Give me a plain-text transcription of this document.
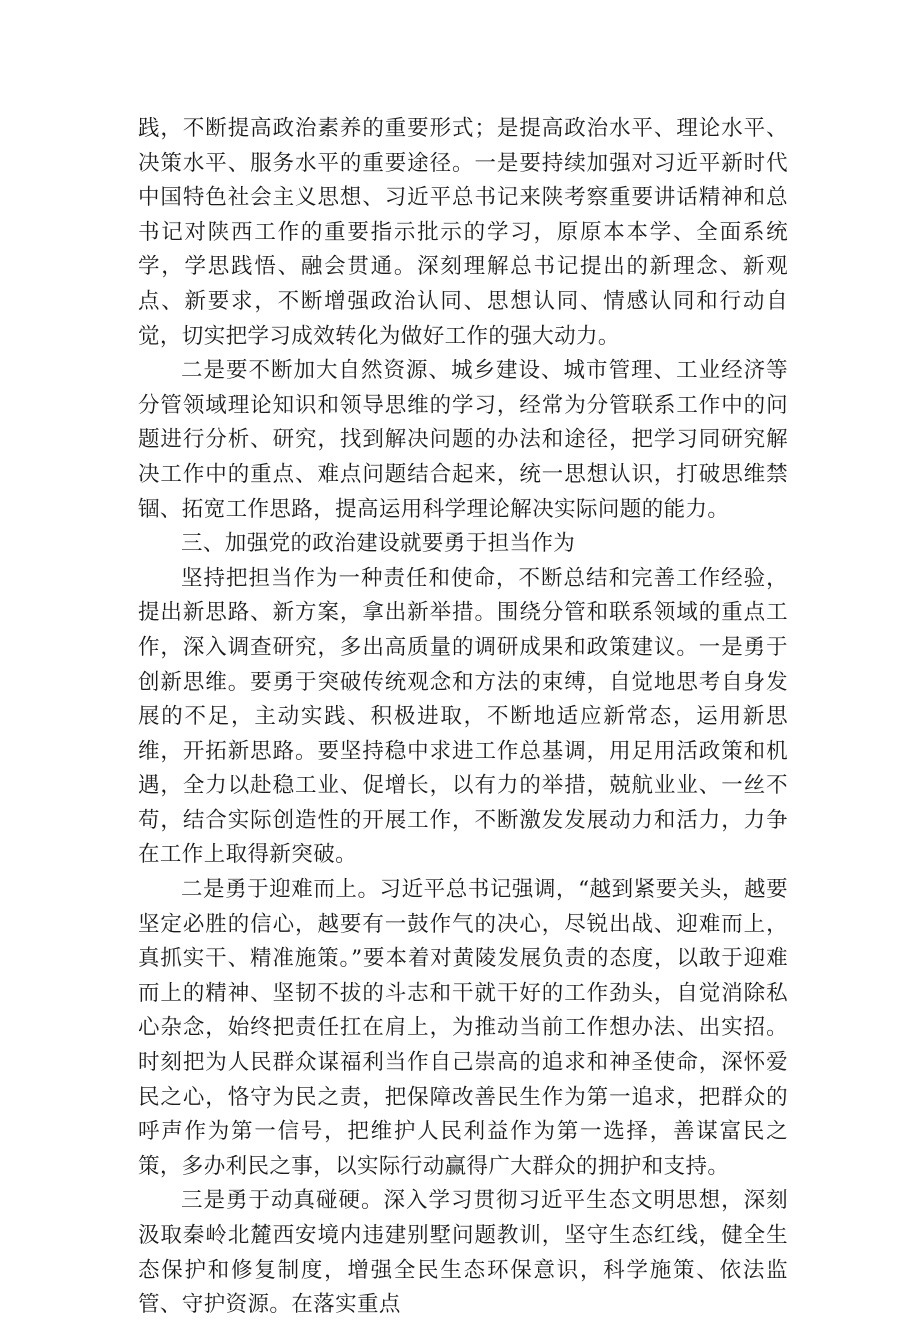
践，不断提高政治素养的重要形式；是提高政治水平、理论水平、决策水平、服务水平的重要途径。一是要持续加强对习近平新时代中国特色社会主义思想、习近平总书记来陕考察重要讲话精神和总书记对陕西工作的重要指示批示的学习，原原本本学、全面系统学，学思践悟、融会贯通。深刻理解总书记提出的新理念、新观点、新要求，不断增强政治认同、思想认同、情感认同和行动自觉，切实把学习成效转化为做好工作的强大动力。

二是要不断加大自然资源、城乡建设、城市管理、工业经济等分管领域理论知识和领导思维的学习，经常为分管联系工作中的问题进行分析、研究，找到解决问题的办法和途径，把学习同研究解决工作中的重点、难点问题结合起来，统一思想认识，打破思维禁锢、拓宽工作思路，提高运用科学理论解决实际问题的能力。

三、加强党的政治建设就要勇于担当作为

坚持把担当作为一种责任和使命，不断总结和完善工作经验，提出新思路、新方案，拿出新举措。围绕分管和联系领域的重点工作，深入调查研究，多出高质量的调研成果和政策建议。一是勇于创新思维。要勇于突破传统观念和方法的束缚，自觉地思考自身发展的不足，主动实践、积极进取，不断地适应新常态，运用新思维，开拓新思路。要坚持稳中求进工作总基调，用足用活政策和机遇，全力以赴稳工业、促增长，以有力的举措，兢航业业、一丝不苟，结合实际创造性的开展工作，不断激发发展动力和活力，力争在工作上取得新突破。

二是勇于迎难而上。习近平总书记强调，“越到紧要关头，越要坚定必胜的信心，越要有一鼓作气的决心，尽锐出战、迎难而上，真抓实干、精准施策。”要本着对黄陵发展负责的态度，以敢于迎难而上的精神、坚韧不拔的斗志和干就干好的工作劲头，自觉消除私心杂念，始终把责任扛在肩上，为推动当前工作想办法、出实招。时刻把为人民群众谋福利当作自己崇高的追求和神圣使命，深怀爱民之心，恪守为民之责，把保障改善民生作为第一追求，把群众的呼声作为第一信号，把维护人民利益作为第一选择，善谋富民之策，多办利民之事，以实际行动赢得广大群众的拥护和支持。

三是勇于动真碰硬。深入学习贯彻习近平生态文明思想，深刻汲取秦岭北麓西安境内违建别墅问题教训，坚守生态红线，健全生态保护和修复制度，增强全民生态环保意识，科学施策、依法监管、守护资源。在落实重点
